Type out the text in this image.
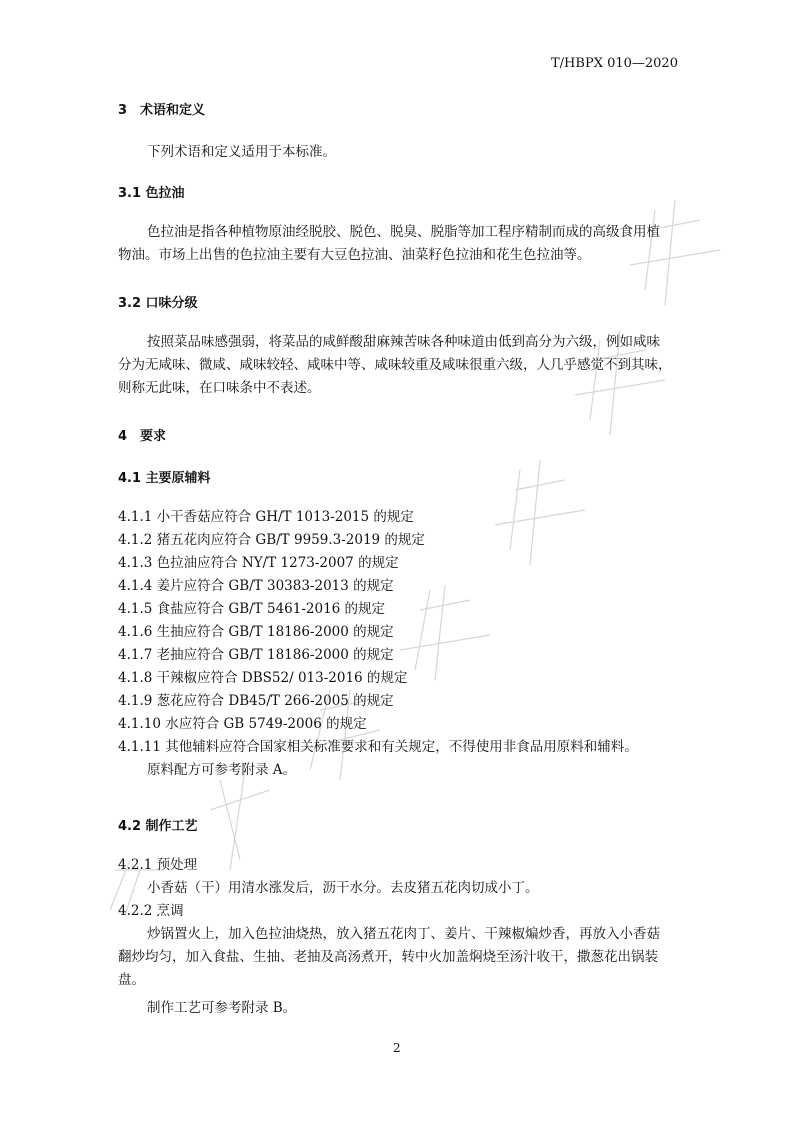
T/HBPX 010—2020
3　术语和定义
下列术语和定义适用于本标准。
3.1 色拉油
色拉油是指各种植物原油经脱胶、脱色、脱臭、脱脂等加工程序精制而成的高级食用植
物油。市场上出售的色拉油主要有大豆色拉油、油菜籽色拉油和花生色拉油等。
3.2 口味分级
按照菜品味感强弱，将菜品的咸鲜酸甜麻辣苦味各种味道由低到高分为六级，例如咸味
分为无咸味、微咸、咸味较轻、咸味中等、咸味较重及咸味很重六级，人几乎感觉不到其味，
则称无此味，在口味条中不表述。
4　要求
4.1 主要原辅料
4.1.1 小干香菇应符合 GH/T 1013-2015 的规定
4.1.2 猪五花肉应符合 GB/T 9959.3-2019 的规定
4.1.3 色拉油应符合 NY/T 1273-2007 的规定
4.1.4 姜片应符合 GB/T 30383-2013 的规定
4.1.5 食盐应符合 GB/T 5461-2016 的规定
4.1.6 生抽应符合 GB/T 18186-2000 的规定
4.1.7 老抽应符合 GB/T 18186-2000 的规定
4.1.8 干辣椒应符合 DBS52/ 013-2016 的规定
4.1.9 葱花应符合 DB45/T 266-2005 的规定
4.1.10 水应符合 GB 5749-2006 的规定
4.1.11 其他辅料应符合国家相关标准要求和有关规定，不得使用非食品用原料和辅料。
原料配方可参考附录 A。
4.2 制作工艺
4.2.1 预处理
小香菇（干）用清水涨发后，沥干水分。去皮猪五花肉切成小丁。
4.2.2 烹调
炒锅置火上，加入色拉油烧热，放入猪五花肉丁、姜片、干辣椒煸炒香，再放入小香菇
翻炒均匀，加入食盐、生抽、老抽及高汤煮开，转中火加盖焖烧至汤汁收干，撒葱花出锅装
盘。
制作工艺可参考附录 B。
2
